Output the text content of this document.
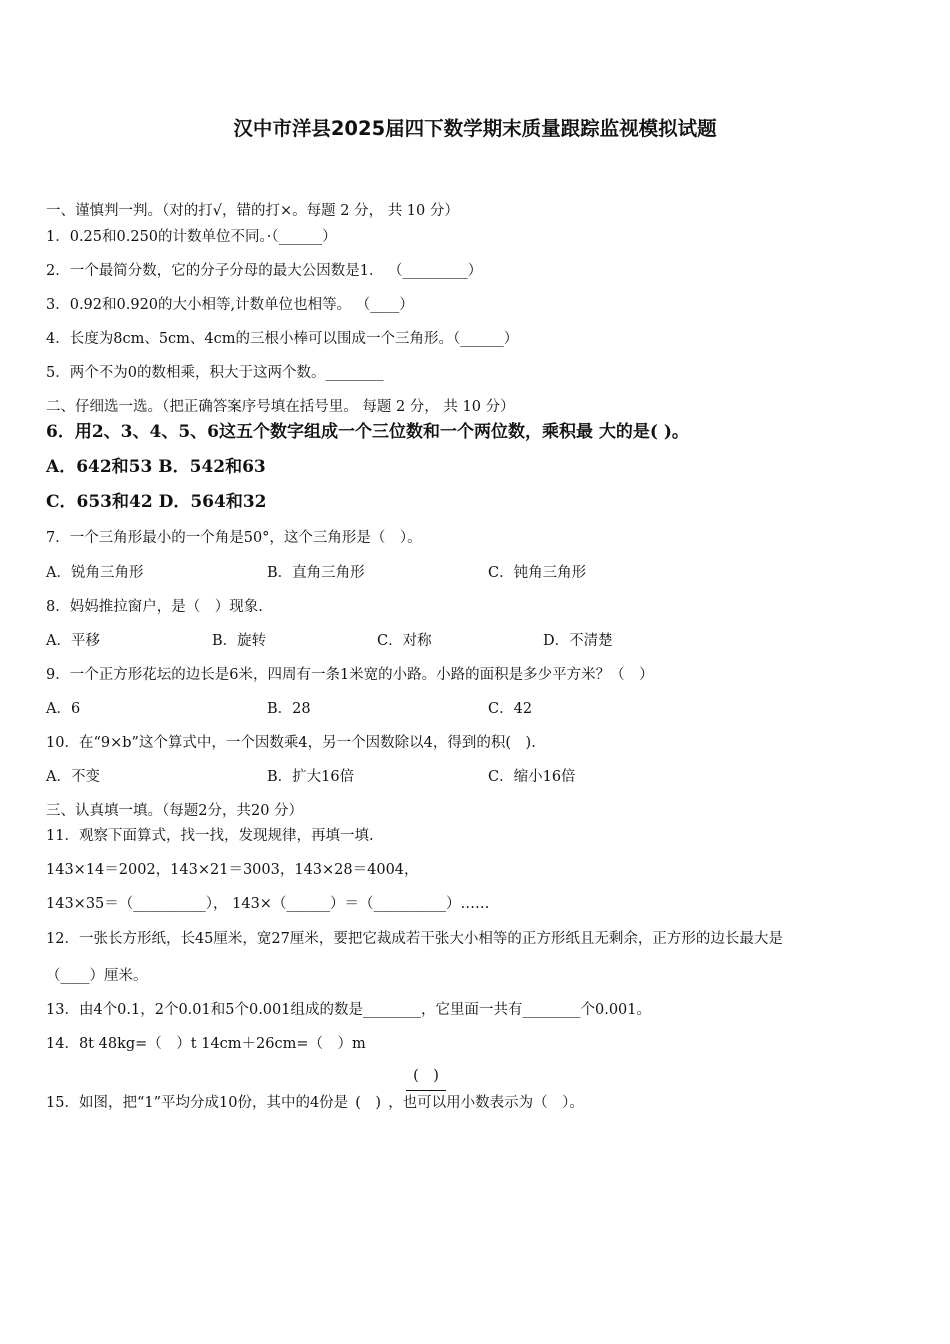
汉中市洋县2025届四下数学期末质量跟踪监视模拟试题
一、谨慎判一判。（对的打√，错的打×。每题 2 分， 共 10 分）
1．0.25和0.250的计数单位不同。·（______）
2．一个最简分数，它的分子分母的最大公因数是1． （_________）
3．0.92和0.920的大小相等,计数单位也相等。 （____）
4．长度为8cm、5cm、4cm的三根小棒可以围成一个三角形。（______）
5．两个不为0的数相乘，积大于这两个数。________
二、仔细选一选。（把正确答案序号填在括号里。 每题 2 分， 共 10 分）
6．用2、3、4、5、6这五个数字组成一个三位数和一个两位数，乘积最 大的是( )。
A．642和53 B．542和63
C．653和42 D．564和32
7．一个三角形最小的一个角是50°，这个三角形是（　）。
A．锐角三角形	B．直角三角形	C．钝角三角形
8．妈妈推拉窗户，是（　）现象.
A．平移	B．旋转	C．对称	D．不清楚
9．一个正方形花坛的边长是6米，四周有一条1米宽的小路。小路的面积是多少平方米？（　）
A．6	B．28	C．42
10．在“9×b”这个算式中，一个因数乘4，另一个因数除以4，得到的积(　).
A．不变	B．扩大16倍	C．缩小16倍
三、认真填一填。（每题2分，共20 分）
11．观察下面算式，找一找，发现规律，再填一填.
143×14＝2002，143×21＝3003，143×28＝4004，
143×35＝（__________）， 143×（______）＝（__________）……
12．一张长方形纸，长45厘米，宽27厘米，要把它裁成若干张大小相等的正方形纸且无剩余，正方形的边长最大是
（____）厘米。
13．由4个0.1，2个0.01和5个0.001组成的数是________，它里面一共有________个0.001。
14．8t 48kg=（　）t 14cm＋26cm=（　）m
(　)
15．如图，把“1”平均分成10份，其中的4份是 (　) ，也可以用小数表示为（　）。
